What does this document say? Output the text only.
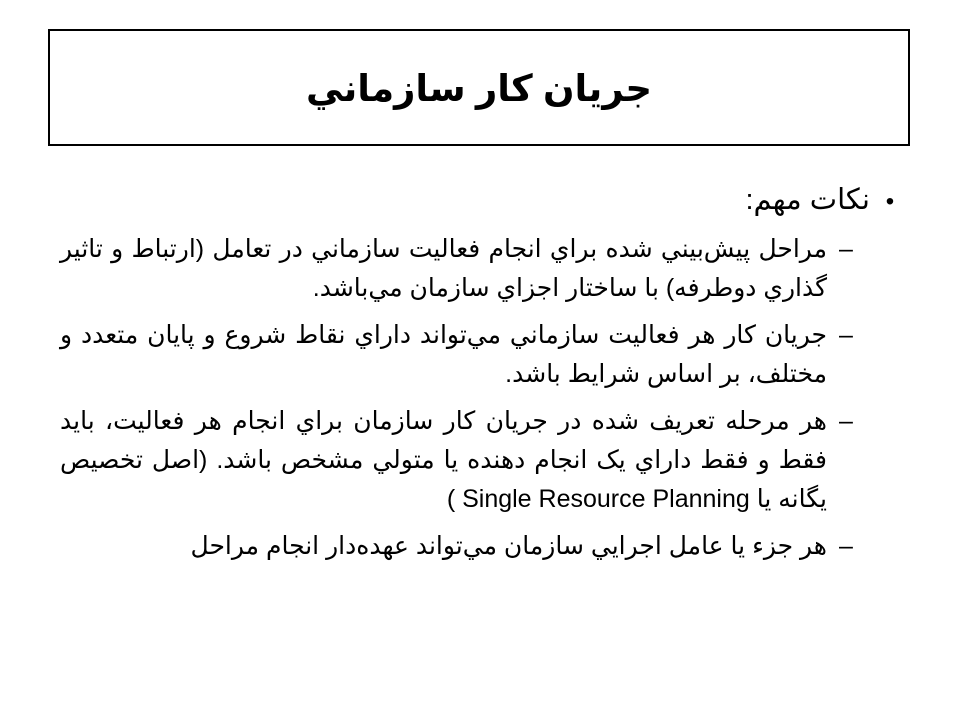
جريان كار سازماني
•
نكات مهم:
–
مراحل پيش‌بيني شده براي انجام فعاليت سازماني در تعامل (ارتباط و تاثير گذاري دوطرفه) با ساختار اجزاي سازمان مي‌باشد.
–
جريان كار هر فعاليت سازماني مي‌تواند داراي نقاط شروع و پايان متعدد و مختلف، بر اساس شرايط باشد.
–
هر مرحله تعريف شده در جريان كار سازمان براي انجام هر فعاليت، بايد فقط و فقط داراي يک انجام دهنده يا متولي مشخص باشد. (اصل تخصيص يگانه يا Single Resource Planning )
–
هر جزء يا عامل اجرايي سازمان مي‌تواند عهده‌دار انجام مراحل
